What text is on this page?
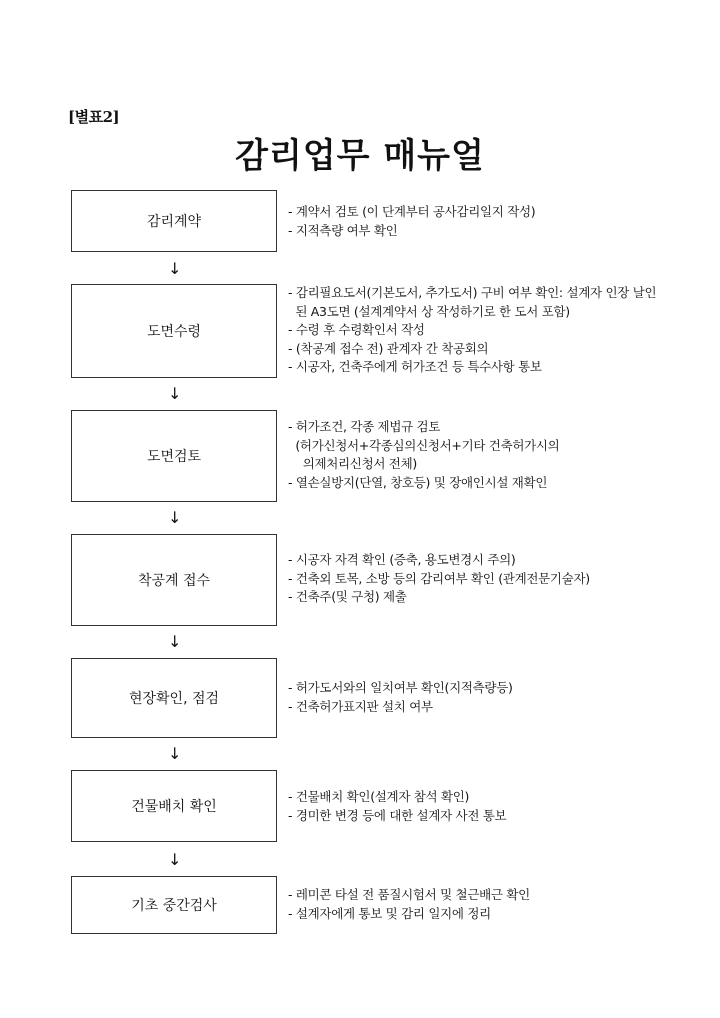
[별표2]
감리업무 매뉴얼
감리계약
- 계약서 검토 (이 단계부터 공사감리일지 작성)
- 지적측량 여부 확인
↓
도면수령
- 감리필요도서(기본도서, 추가도서) 구비 여부 확인: 설계자 인장 날인
된 A3도면 (설계계약서 상 작성하기로 한 도서 포함)
- 수령 후 수령확인서 작성
- (착공계 접수 전) 관계자 간 착공회의
- 시공자, 건축주에게 허가조건 등 특수사항 통보
↓
도면검토
- 허가조건, 각종 제법규 검토
(허가신청서+각종심의신청서+기타 건축허가시의
의제처리신청서 전체)
- 열손실방지(단열, 창호등) 및 장애인시설 재확인
↓
착공계 접수
- 시공자 자격 확인 (증축, 용도변경시 주의)
- 건축외 토목, 소방 등의 감리여부 확인 (관계전문기술자)
- 건축주(및 구청) 제출
↓
현장확인, 점검
- 허가도서와의 일치여부 확인(지적측량등)
- 건축허가표지판 설치 여부
↓
건물배치 확인
- 건물배치 확인(설계자 참석 확인)
- 경미한 변경 등에 대한 설계자 사전 통보
↓
기초 중간검사
- 레미콘 타설 전 품질시험서 및 철근배근 확인
- 설계자에게 통보 및 감리 일지에 정리
